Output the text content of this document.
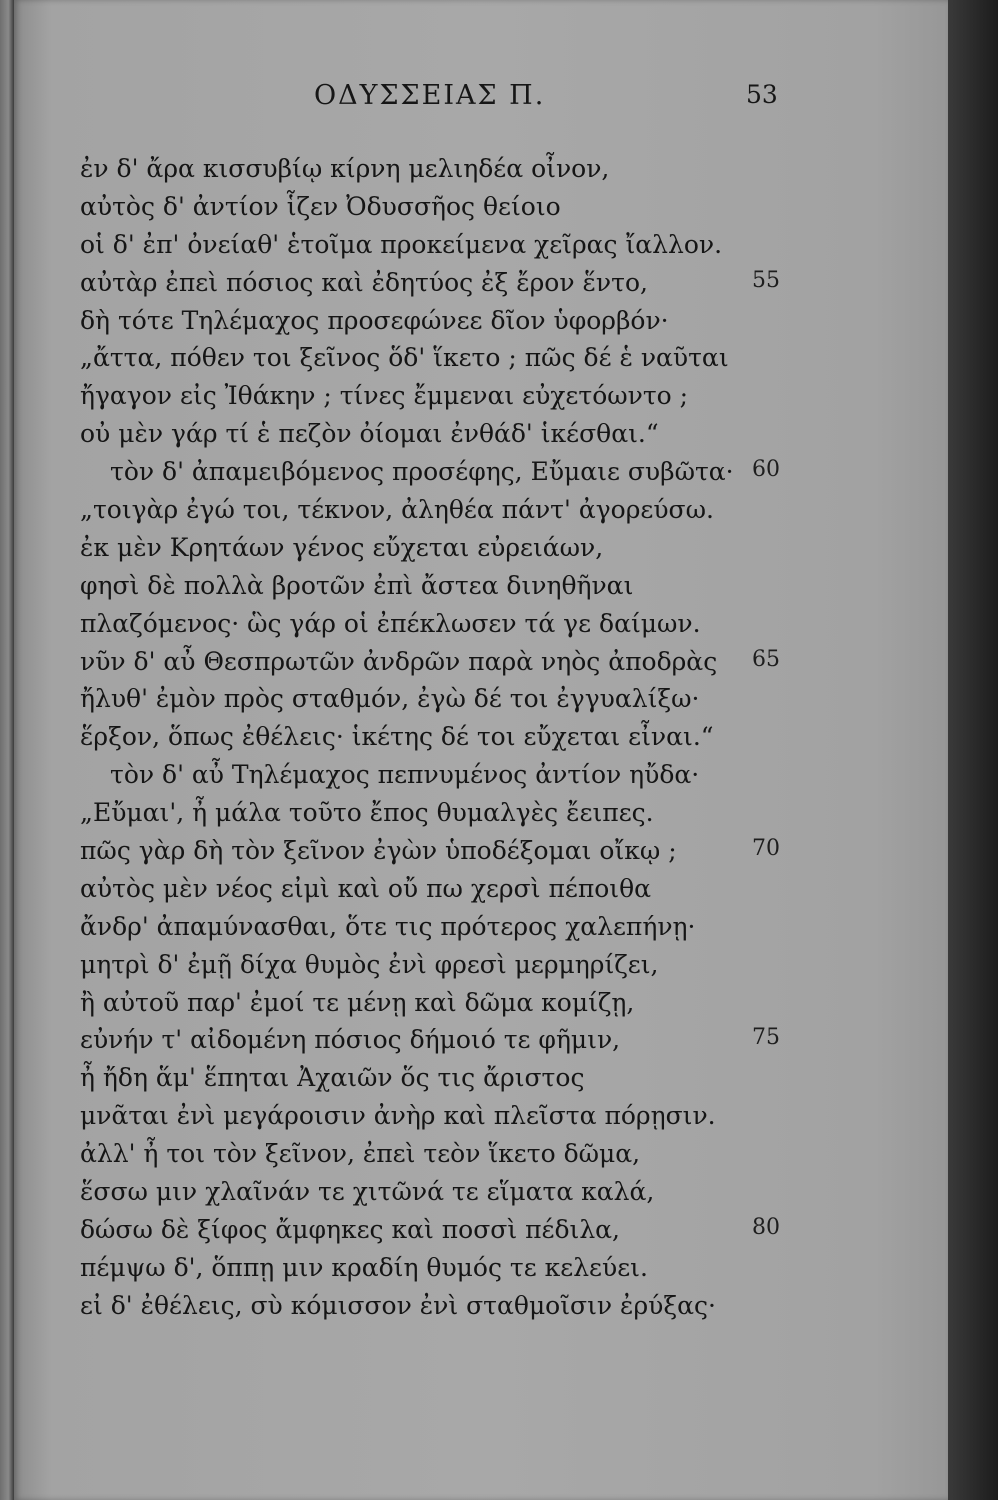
ΟΔΥΣΣΕΙΑΣ Π.	53
ἐν δ' ἄρα κισσυβίῳ κίρνη μελιηδέα οἶνον,
αὐτὸς δ' ἀντίον ἷζεν Ὀδυσσῆος θείοιο
οἱ δ' ἐπ' ὀνείαθ' ἑτοῖμα προκείμενα χεῖρας ἴαλλον.
αὐτὰρ ἐπεὶ πόσιος καὶ ἐδητύος ἐξ ἔρον ἕντο,	55
δὴ τότε Τηλέμαχος προσεφώνεε δῖον ὑφορβόν·
„ἄττα, πόθεν τοι ξεῖνος ὅδ' ἵκετο ; πῶς δέ ἑ ναῦται
ἤγαγον εἰς Ἰθάκην ; τίνες ἔμμεναι εὐχετόωντο ;
οὐ μὲν γάρ τί ἑ πεζὸν ὀίομαι ἐνθάδ' ἱκέσθαι.“
τὸν δ' ἀπαμειβόμενος προσέφης, Εὔμαιε συβῶτα· 60
„τοιγὰρ ἐγώ τοι, τέκνον, ἀληθέα πάντ' ἀγορεύσω.
ἐκ μὲν Κρητάων γένος εὔχεται εὐρειάων,
φησὶ δὲ πολλὰ βροτῶν ἐπὶ ἄστεα δινηθῆναι
πλαζόμενος· ὣς γάρ οἱ ἐπέκλωσεν τά γε δαίμων.
νῦν δ' αὖ Θεσπρωτῶν ἀνδρῶν παρὰ νηὸς ἀποδρὰς 65
ἤλυθ' ἐμὸν πρὸς σταθμόν, ἐγὼ δέ τοι ἐγγυαλίξω·
ἕρξον, ὅπως ἐθέλεις· ἱκέτης δέ τοι εὔχεται εἶναι.“
τὸν δ' αὖ Τηλέμαχος πεπνυμένος ἀντίον ηὔδα·
„Εὔμαι', ἦ μάλα τοῦτο ἔπος θυμαλγὲς ἔειπες.
πῶς γὰρ δὴ τὸν ξεῖνον ἐγὼν ὑποδέξομαι οἴκῳ ;	70
αὐτὸς μὲν νέος εἰμὶ καὶ οὔ πω χερσὶ πέποιθα
ἄνδρ' ἀπαμύνασθαι, ὅτε τις πρότερος χαλεπήνῃ·
μητρὶ δ' ἐμῇ δίχα θυμὸς ἐνὶ φρεσὶ μερμηρίζει,
ἢ αὐτοῦ παρ' ἐμοί τε μένῃ καὶ δῶμα κομίζῃ,
εὐνήν τ' αἰδομένη πόσιος δήμοιό τε φῆμιν,	75
ἦ ἤδη ἅμ' ἕπηται Ἀχαιῶν ὅς τις ἄριστος
μνᾶται ἐνὶ μεγάροισιν ἀνὴρ καὶ πλεῖστα πόρῃσιν.
ἀλλ' ἦ τοι τὸν ξεῖνον, ἐπεὶ τεὸν ἵκετο δῶμα,
ἕσσω μιν χλαῖνάν τε χιτῶνά τε εἵματα καλά,
δώσω δὲ ξίφος ἄμφηκες καὶ ποσσὶ πέδιλα,	80
πέμψω δ', ὅππῃ μιν κραδίη θυμός τε κελεύει.
εἰ δ' ἐθέλεις, σὺ κόμισσον ἐνὶ σταθμοῖσιν ἐρύξας·
